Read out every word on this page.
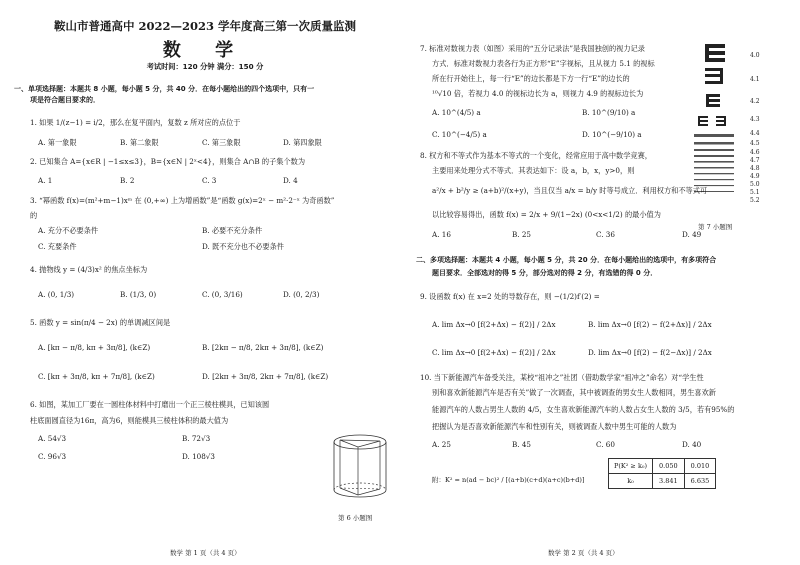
鞍山市普通高中 2022—2023 学年度高三第一次质量监测
数 学
考试时间：120 分钟 满分：150 分
一、单项选择题：本题共 8 小题，每小题 5 分，共 40 分．在每小题给出的四个选项中，只有一
项是符合题目要求的．
1. 如果 1/(z−1) = i/2，那么在复平面内，复数 z 所对应的点位于
A. 第一象限	B. 第二象限	C. 第三象限	D. 第四象限
2. 已知集合 A={x∈R | −1≤x≤3}，B={x∈N | 2ˣ<4}，则集合 A∩B 的子集个数为
A. 1	B. 2	C. 3	D. 4
3. “幂函数 f(x)=(m²+m−1)xᵐ 在 (0,+∞) 上为增函数”是“函数 g(x)=2ˣ − m²·2⁻ˣ 为奇函数”
的
A. 充分不必要条件	B. 必要不充分条件
C. 充要条件	D. 既不充分也不必要条件
4. 抛物线 y = (4/3)x² 的焦点坐标为
A. (0, 1/3)	B. (1/3, 0)	C. (0, 3/16)	D. (0, 2/3)
5. 函数 y = sin(π/4 − 2x) 的单调减区间是
A. [kπ − π/8, kπ + 3π/8], (k∈Z)	B. [2kπ − π/8, 2kπ + 3π/8], (k∈Z)
C. [kπ + 3π/8, kπ + 7π/8], (k∈Z)	D. [2kπ + 3π/8, 2kπ + 7π/8], (k∈Z)
6. 如图，某加工厂要在一圆柱体材料中打磨出一个正三棱柱模具，已知该圆
柱底面圆直径为16π，高为6，则能模具三棱柱体积的最大值为
A. 54√3	B. 72√3
C. 96√3	D. 108√3
第 6 小题图
数学 第 1 页（共 4 页）
7. 标准对数视力表（如图）采用的“五分记录法”是我国独创的视力记录
方式．标准对数视力表各行为正方形“E”字视标，且从视力 5.1 的视标
所在行开始往上，每一行“E”的边长都是下方一行“E”的边长的
¹⁰√10 倍，若视力 4.0 的视标边长为 a，则视力 4.9 的视标边长为
A. 10^(4/5) a	B. 10^(9/10) a
C. 10^(−4/5) a	D. 10^(−9/10) a
4.0
4.1
4.2
4.3
4.4
4.5
4.6
4.7
4.8
4.9
5.0
5.1
5.2
第 7 小题图
8. 权方和不等式作为基本不等式的一个变化，经常应用于高中数学竞赛，
主要用来处理分式不等式．其表达如下：设 a，b，x，y>0，则
a²/x + b²/y ≥ (a+b)²/(x+y)，当且仅当 a/x = b/y 时等号成立．利用权方和不等式可
以比较容易得出，函数 f(x) = 2/x + 9/(1−2x) (0<x<1/2) 的最小值为
A. 16	B. 25	C. 36	D. 49
二、多项选择题：本题共 4 小题，每小题 5 分，共 20 分．在每小题给出的选项中，有多项符合
题目要求．全部选对的得 5 分，部分选对的得 2 分，有选错的得 0 分．
9. 设函数 f(x) 在 x=2 处的导数存在，则 −(1/2)f′(2) =
A. lim Δx→0 [f(2+Δx) − f(2)] / 2Δx	B. lim Δx→0 [f(2) − f(2+Δx)] / 2Δx
C. lim Δx→0 [f(2+Δx) − f(2)] / 2Δx	D. lim Δx→0 [f(2) − f(2−Δx)] / 2Δx
10. 当下新能源汽车备受关注，某校“祖冲之”社团（借助数学家“祖冲之”命名）对“学生性
别和喜欢新能源汽车是否有关”做了一次调查，其中被调查的男女生人数相同，男生喜欢新
能源汽车的人数占男生人数的 4/5，女生喜欢新能源汽车的人数占女生人数的 3/5，若有95%的
把握认为是否喜欢新能源汽车和性别有关，则被调查人数中男生可能的人数为
A. 25	B. 45	C. 60	D. 40
附：K² = n(ad − bc)² / [(a+b)(c+d)(a+c)(b+d)]
P(K² ≥ k₀)	0.050	0.010
k₀	3.841	6.635
数学 第 2 页（共 4 页）
